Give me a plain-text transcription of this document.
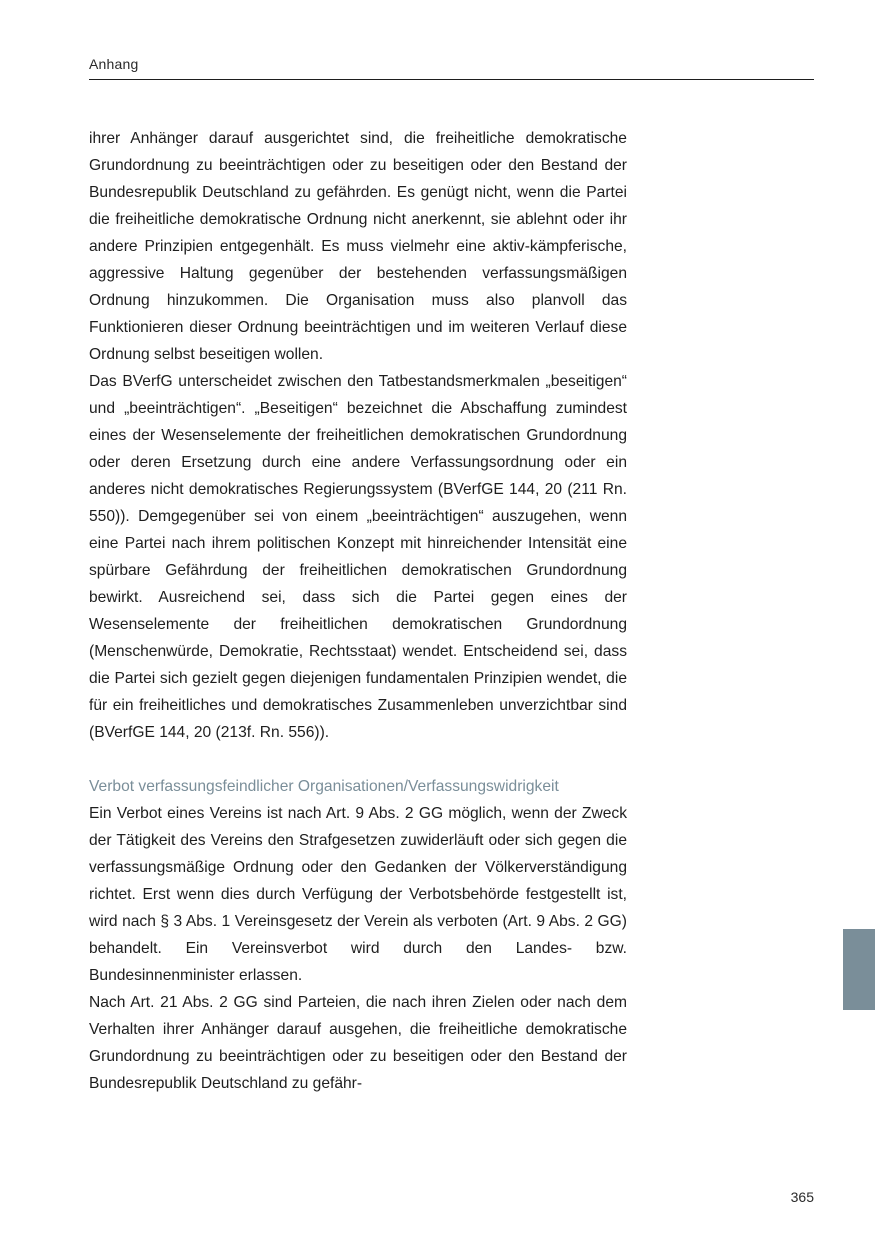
Anhang

ihrer Anhänger darauf ausgerichtet sind, die freiheitliche demokratische Grundordnung zu beeinträchtigen oder zu beseitigen oder den Bestand der Bundesrepublik Deutschland zu gefährden. Es genügt nicht, wenn die Partei die freiheitliche demokratische Ordnung nicht anerkennt, sie ablehnt oder ihr andere Prinzipien entgegenhält. Es muss vielmehr eine aktiv-kämpferische, aggressive Haltung gegenüber der bestehenden verfassungsmäßigen Ordnung hinzukommen. Die Organisation muss also planvoll das Funktionieren dieser Ordnung beeinträchtigen und im weiteren Verlauf diese Ordnung selbst beseitigen wollen.

Das BVerfG unterscheidet zwischen den Tatbestandsmerkmalen „beseitigen“ und „beeinträchtigen“. „Beseitigen“ bezeichnet die Abschaffung zumindest eines der Wesenselemente der freiheitlichen demokratischen Grundordnung oder deren Ersetzung durch eine andere Verfassungsordnung oder ein anderes nicht demokratisches Regierungssystem (BVerfGE 144, 20 (211 Rn. 550)). Demgegenüber sei von einem „beeinträchtigen“ auszugehen, wenn eine Partei nach ihrem politischen Konzept mit hinreichender Intensität eine spürbare Gefährdung der freiheitlichen demokratischen Grundordnung bewirkt. Ausreichend sei, dass sich die Partei gegen eines der Wesenselemente der freiheitlichen demokratischen Grundordnung (Menschenwürde, Demokratie, Rechtsstaat) wendet. Entscheidend sei, dass die Partei sich gezielt gegen diejenigen fundamentalen Prinzipien wendet, die für ein freiheitliches und demokratisches Zusammenleben unverzichtbar sind (BVerfGE 144, 20 (213f. Rn. 556)).

Verbot verfassungsfeindlicher Organisationen/Verfassungswidrigkeit

Ein Verbot eines Vereins ist nach Art. 9 Abs. 2 GG möglich, wenn der Zweck der Tätigkeit des Vereins den Strafgesetzen zuwiderläuft oder sich gegen die verfassungsmäßige Ordnung oder den Gedanken der Völkerverständigung richtet. Erst wenn dies durch Verfügung der Verbotsbehörde festgestellt ist, wird nach § 3 Abs. 1 Vereinsgesetz der Verein als verboten (Art. 9 Abs. 2 GG) behandelt. Ein Vereinsverbot wird durch den Landes- bzw. Bundesinnenminister erlassen.

Nach Art. 21 Abs. 2 GG sind Parteien, die nach ihren Zielen oder nach dem Verhalten ihrer Anhänger darauf ausgehen, die freiheitliche demokratische Grundordnung zu beeinträchtigen oder zu beseitigen oder den Bestand der Bundesrepublik Deutschland zu gefähr-

365
